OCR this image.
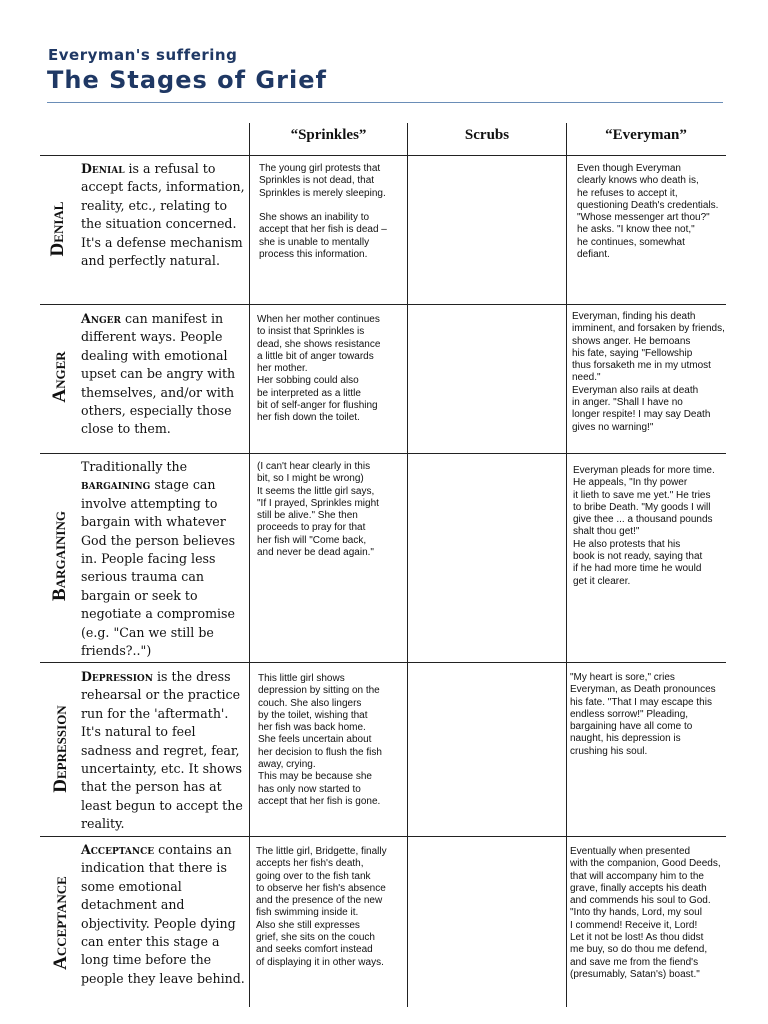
Everyman's suffering
The Stages of Grief
“Sprinkles”	Scrubs	“Everyman”
Denial
Denial is a refusal to accept facts, information, reality, etc., relating to the situation concerned. It's a defense mechanism and perfectly natural.
The young girl protests that
Sprinkles is not dead, that
Sprinkles is merely sleeping.

She shows an inability to
accept that her fish is dead –
she is unable to mentally
process this information.
Even though Everyman
clearly knows who death is,
he refuses to accept it,
questioning Death's credentials.
"Whose messenger art thou?"
he asks. "I know thee not,"
he continues, somewhat
defiant.
Anger
Anger can manifest in different ways. People dealing with emotional upset can be angry with themselves, and/or with others, especially those close to them.
When her mother continues
to insist that Sprinkles is
dead, she shows resistance
a little bit of anger towards
her mother.
Her sobbing could also
be interpreted as a little
bit of self-anger for flushing
her fish down the toilet.
Everyman, finding his death
imminent, and forsaken by friends,
shows anger. He bemoans
his fate, saying "Fellowship
thus forsaketh me in my utmost
need."
Everyman also rails at death
in anger. "Shall I have no
longer respite! I may say Death
gives no warning!"
Bargaining
Traditionally the bargaining stage can involve attempting to bargain with whatever God the person believes in. People facing less serious trauma can bargain or seek to negotiate a compromise (e.g. "Can we still be friends?..")
(I can't hear clearly in this
bit, so I might be wrong)
It seems the little girl says,
"If I prayed, Sprinkles might
still be alive." She then
proceeds to pray for that
her fish will "Come back,
and never be dead again."
Everyman pleads for more time.
He appeals, "In thy power
it lieth to save me yet." He tries
to bribe Death. "My goods I will
give thee ... a thousand pounds
shalt thou get!"
He also protests that his
book is not ready, saying that
if he had more time he would
get it clearer.
Depression
Depression is the dress rehearsal or the practice run for the 'aftermath'. It's natural to feel sadness and regret, fear, uncertainty, etc. It shows that the person has at least begun to accept the reality.
This little girl shows
depression by sitting on the
couch. She also lingers
by the toilet, wishing that
her fish was back home.
She feels uncertain about
her decision to flush the fish
away, crying.
This may be because she
has only now started to
accept that her fish is gone.
"My heart is sore," cries
Everyman, as Death pronounces
his fate. "That I may escape this
endless sorrow!" Pleading,
bargaining have all come to
naught, his depression is
crushing his soul.
Acceptance
Acceptance contains an indication that there is some emotional detachment and objectivity. People dying can enter this stage a long time before the people they leave behind.
The little girl, Bridgette, finally
accepts her fish's death,
going over to the fish tank
to observe her fish's absence
and the presence of the new
fish swimming inside it.
Also she still expresses
grief, she sits on the couch
and seeks comfort instead
of displaying it in other ways.
Eventually when presented
with the companion, Good Deeds,
that will accompany him to the
grave, finally accepts his death
and commends his soul to God.
"Into thy hands, Lord, my soul
I commend! Receive it, Lord!
Let it not be lost! As thou didst
me buy, so do thou me defend,
and save me from the fiend's
(presumably, Satan's) boast."
